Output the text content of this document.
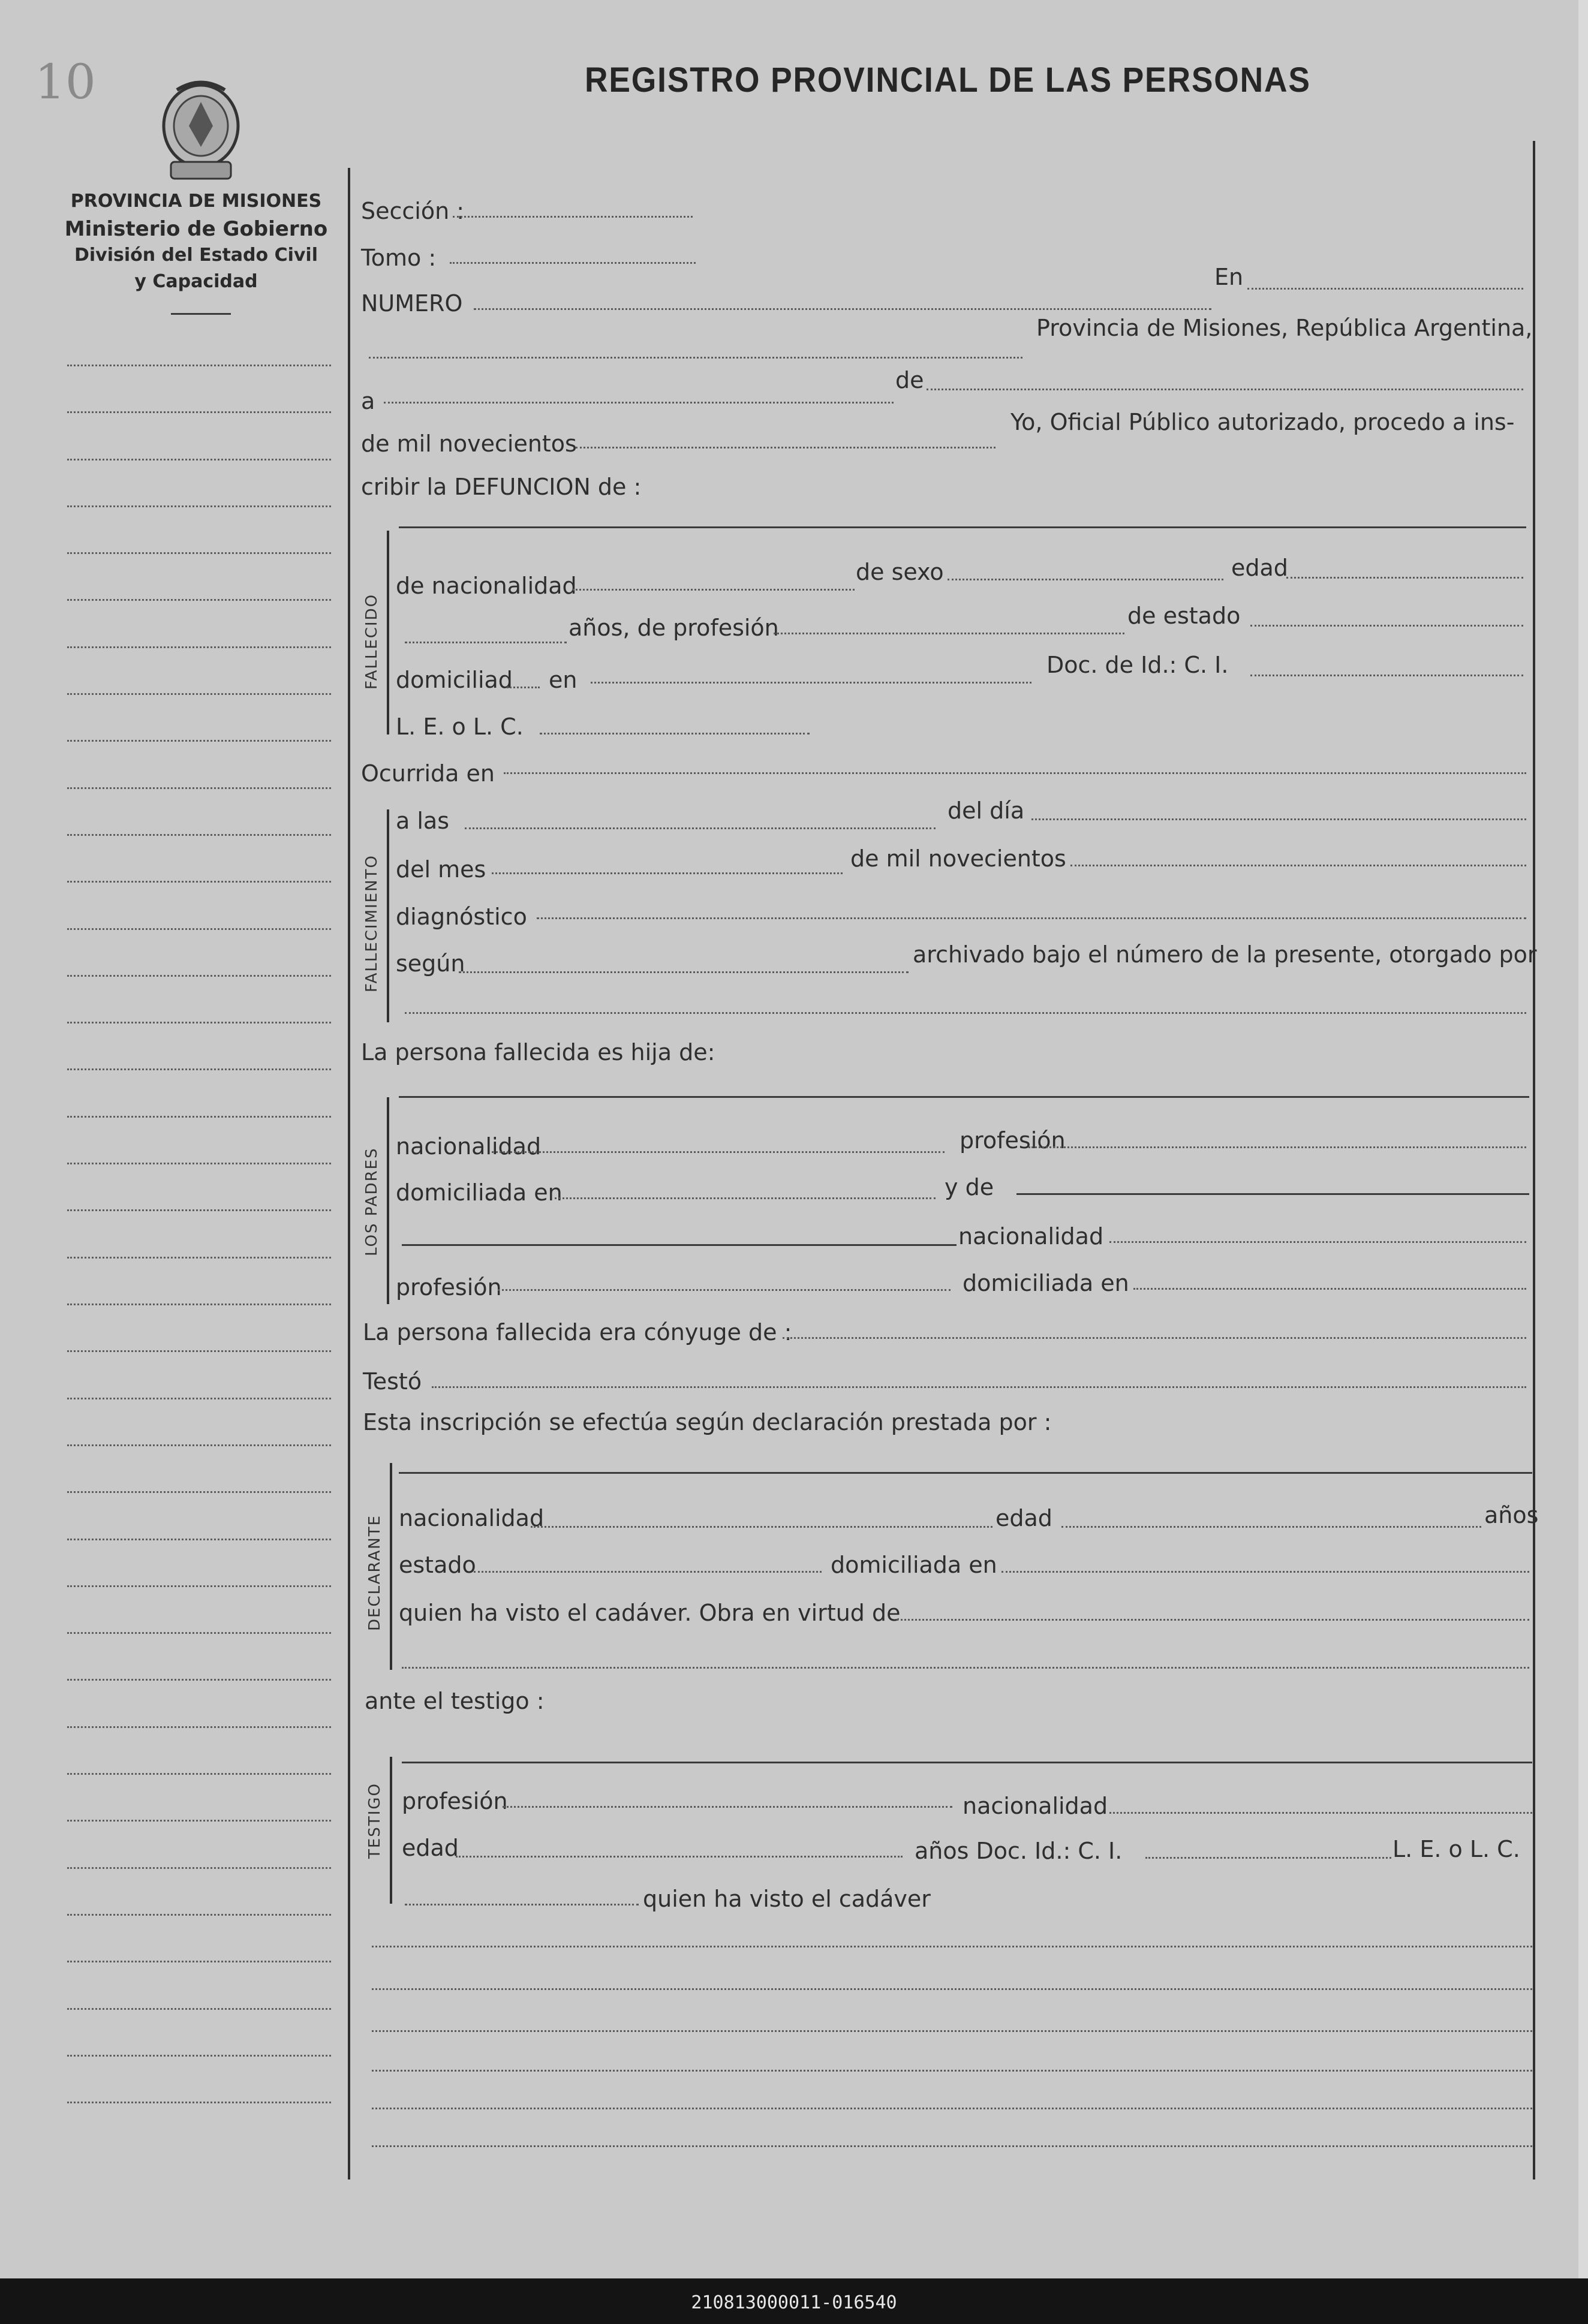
10	REGISTRO PROVINCIAL DE LAS PERSONAS
PROVINCIA DE MISIONES
Ministerio de Gobierno
División del Estado Civil
y Capacidad
Sección :
Tomo :
NUMERO
En
Provincia de Misiones, República Argentina,
a
de
de mil novecientos
Yo, Oficial Público autorizado, procedo a ins-
cribir la DEFUNCION de :
FALLECIDO
de nacionalidad
de sexo	edad
años, de profesión	de estado
domiciliad en
Doc. de Id.: C. I.
L. E. o L. C.
Ocurrida en
FALLECIMIENTO
a las	del día
del mes	de mil novecientos
diagnóstico
según	archivado bajo el número de la presente, otorgado por
La persona fallecida es hija de:
LOS PADRES
nacionalidad	profesión
domiciliada en	y de
nacionalidad
profesión	domiciliada en
La persona fallecida era cónyuge de :
Testó
Esta inscripción se efectúa según declaración prestada por :
DECLARANTE nacionalidad	edad	años
estado	domiciliada en
quien ha visto el cadáver. Obra en virtud de
ante el testigo :
TESTIGO profesión	nacionalidad
edad	años Doc. Id.: C. I.	L. E. o L. C.
quien ha visto el cadáver
210813000011-016540
